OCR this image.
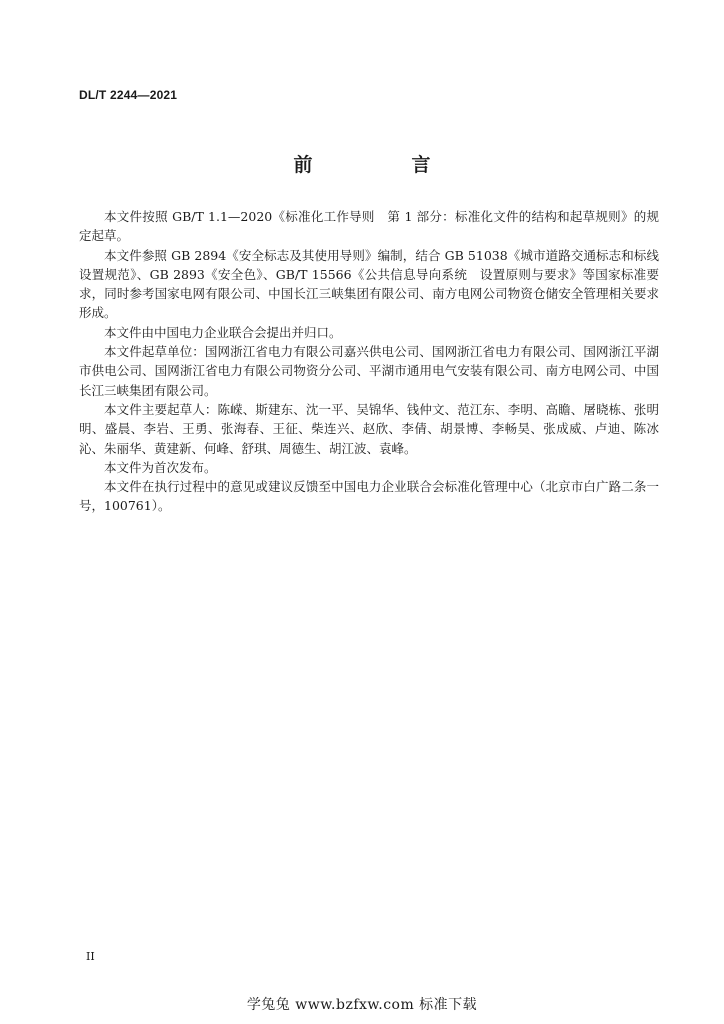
DL/T 2244—2021
前　言

本文件按照 GB/T 1.1—2020《标准化工作导则　第 1 部分：标准化文件的结构和起草规则》的规定起草。

本文件参照 GB 2894《安全标志及其使用导则》编制，结合 GB 51038《城市道路交通标志和标线设置规范》、GB 2893《安全色》、GB/T 15566《公共信息导向系统　设置原则与要求》等国家标准要求，同时参考国家电网有限公司、中国长江三峡集团有限公司、南方电网公司物资仓储安全管理相关要求形成。

本文件由中国电力企业联合会提出并归口。

本文件起草单位：国网浙江省电力有限公司嘉兴供电公司、国网浙江省电力有限公司、国网浙江平湖市供电公司、国网浙江省电力有限公司物资分公司、平湖市通用电气安装有限公司、南方电网公司、中国长江三峡集团有限公司。

本文件主要起草人：陈嵘、斯建东、沈一平、吴锦华、钱仲文、范江东、李明、高瞻、屠晓栋、张明明、盛晨、李岩、王勇、张海春、王征、柴连兴、赵欣、李倩、胡景博、李畅昊、张成威、卢迪、陈冰沁、朱丽华、黄建新、何峰、舒琪、周德生、胡江波、袁峰。

本文件为首次发布。

本文件在执行过程中的意见或建议反馈至中国电力企业联合会标准化管理中心（北京市白广路二条一号，100761）。

II
学兔兔 www.bzfxw.com 标准下载
